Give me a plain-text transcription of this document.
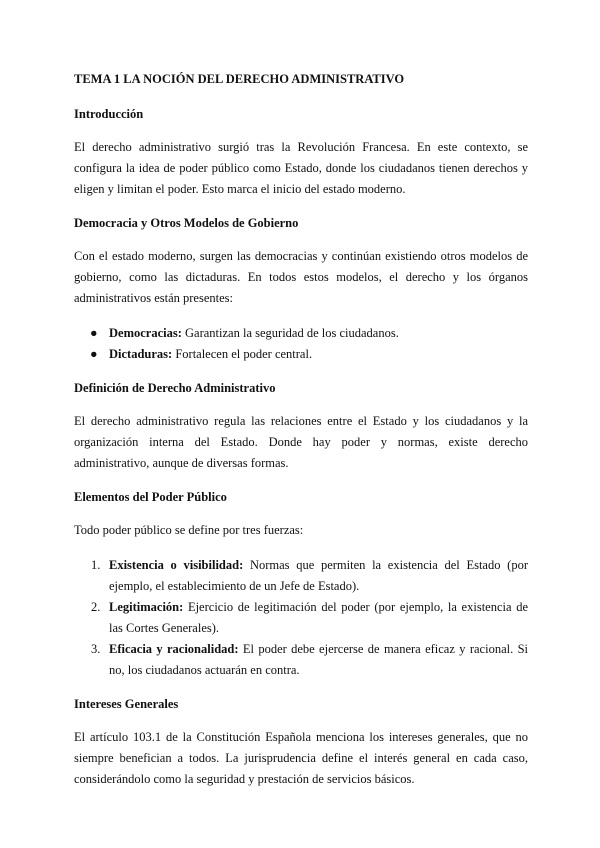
TEMA 1 LA NOCIÓN DEL DERECHO ADMINISTRATIVO
Introducción

El derecho administrativo surgió tras la Revolución Francesa. En este contexto, se configura la idea de poder público como Estado, donde los ciudadanos tienen derechos y eligen y limitan el poder. Esto marca el inicio del estado moderno.

Democracia y Otros Modelos de Gobierno

Con el estado moderno, surgen las democracias y continúan existiendo otros modelos de gobierno, como las dictaduras. En todos estos modelos, el derecho y los órganos administrativos están presentes:

● Democracias: Garantizan la seguridad de los ciudadanos.
● Dictaduras: Fortalecen el poder central.
Definición de Derecho Administrativo

El derecho administrativo regula las relaciones entre el Estado y los ciudadanos y la organización interna del Estado. Donde hay poder y normas, existe derecho administrativo, aunque de diversas formas.

Elementos del Poder Público

Todo poder público se define por tres fuerzas:

1. Existencia o visibilidad: Normas que permiten la existencia del Estado (por ejemplo, el establecimiento de un Jefe de Estado).
2. Legitimación: Ejercicio de legitimación del poder (por ejemplo, la existencia de las Cortes Generales).
3. Eficacia y racionalidad: El poder debe ejercerse de manera eficaz y racional. Si no, los ciudadanos actuarán en contra.
Intereses Generales

El artículo 103.1 de la Constitución Española menciona los intereses generales, que no siempre benefician a todos. La jurisprudencia define el interés general en cada caso, considerándolo como la seguridad y prestación de servicios básicos.
